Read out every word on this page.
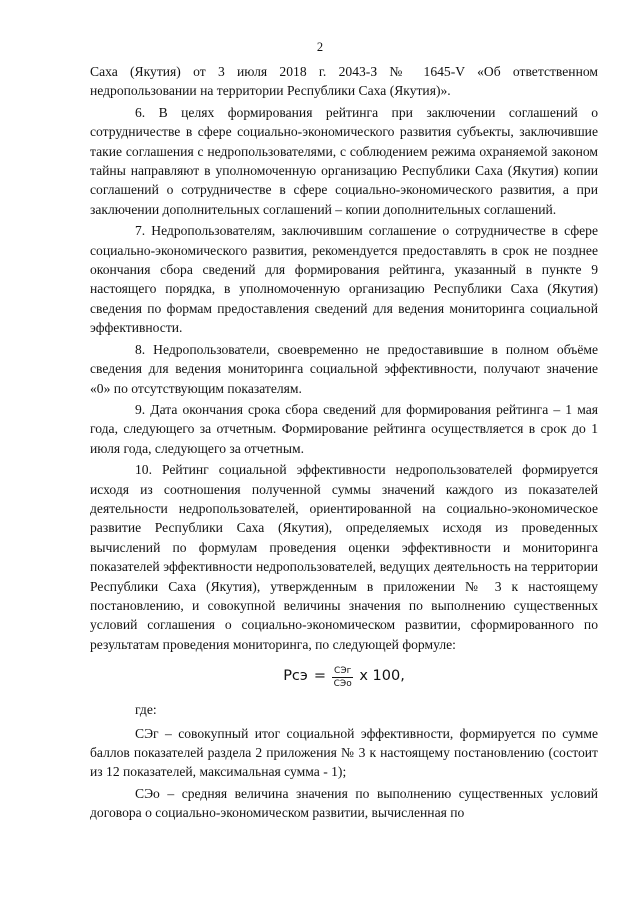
2

Саха (Якутия) от 3 июля 2018 г. 2043-З № 1645-V «Об ответственном недропользовании на территории Республики Саха (Якутия)».

6. В целях формирования рейтинга при заключении соглашений о сотрудничестве в сфере социально-экономического развития субъекты, заключившие такие соглашения с недропользователями, с соблюдением режима охраняемой законом тайны направляют в уполномоченную организацию Республики Саха (Якутия) копии соглашений о сотрудничестве в сфере социально-экономического развития, а при заключении дополнительных соглашений – копии дополнительных соглашений.

7. Недропользователям, заключившим соглашение о сотрудничестве в сфере социально-экономического развития, рекомендуется предоставлять в срок не позднее окончания сбора сведений для формирования рейтинга, указанный в пункте 9 настоящего порядка, в уполномоченную организацию Республики Саха (Якутия) сведения по формам предоставления сведений для ведения мониторинга социальной эффективности.

8. Недропользователи, своевременно не предоставившие в полном объёме сведения для ведения мониторинга социальной эффективности, получают значение «0» по отсутствующим показателям.

9. Дата окончания срока сбора сведений для формирования рейтинга – 1 мая года, следующего за отчетным. Формирование рейтинга осуществляется в срок до 1 июля года, следующего за отчетным.

10. Рейтинг социальной эффективности недропользователей формируется исходя из соотношения полученной суммы значений каждого из показателей деятельности недропользователей, ориентированной на социально-экономическое развитие Республики Саха (Якутия), определяемых исходя из проведенных вычислений по формулам проведения оценки эффективности и мониторинга показателей эффективности недропользователей, ведущих деятельность на территории Республики Саха (Якутия), утвержденным в приложении № 3 к настоящему постановлению, и совокупной величины значения по выполнению существенных условий соглашения о социально-экономическом развитии, сформированного по результатам проведения мониторинга, по следующей формуле:

Рсэ = $\frac{\text{СЭг}}{\text{СЭо}}$ x 100,

где:

СЭг – совокупный итог социальной эффективности, формируется по сумме баллов показателей раздела 2 приложения № 3 к настоящему постановлению (состоит из 12 показателей, максимальная сумма - 1);

СЭо – средняя величина значения по выполнению существенных условий договора о социально-экономическом развитии, вычисленная по
